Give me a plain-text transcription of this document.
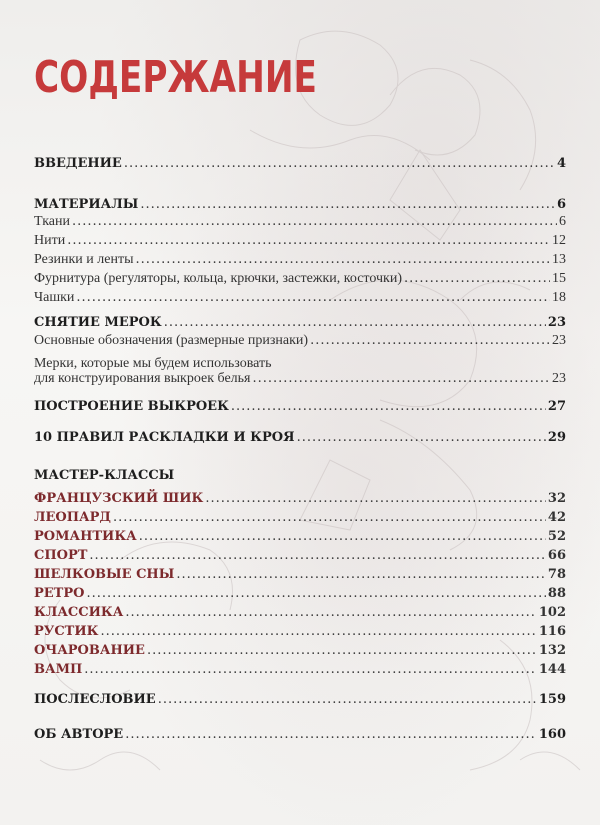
СОДЕРЖАНИЕ
ВВЕДЕНИЕ .....	4
МАТЕРИАЛЫ .....	6
Ткани .....	6
Нити .....	12
Резинки и ленты .....	13
Фурнитура (регуляторы, кольца, крючки, застежки, косточки) .....	15
Чашки .....	18
СНЯТИЕ МЕРОК .....	23
Основные обозначения (размерные признаки) .....	23
Мерки, которые мы будем использовать
для конструирования выкроек белья .....	23
ПОСТРОЕНИЕ ВЫКРОЕК .....	27
10 ПРАВИЛ РАСКЛАДКИ И КРОЯ .....	29
МАСТЕР-КЛАССЫ
ФРАНЦУЗСКИЙ ШИК .....	32
ЛЕОПАРД .....	42
РОМАНТИКА .....	52
СПОРТ .....	66
ШЕЛКОВЫЕ СНЫ .....	78
РЕТРО .....	88
КЛАССИКА .....	102
РУСТИК .....	116
ОЧАРОВАНИЕ .....	132
ВАМП .....	144
ПОСЛЕСЛОВИЕ .....	159
ОБ АВТОРЕ .....	160
